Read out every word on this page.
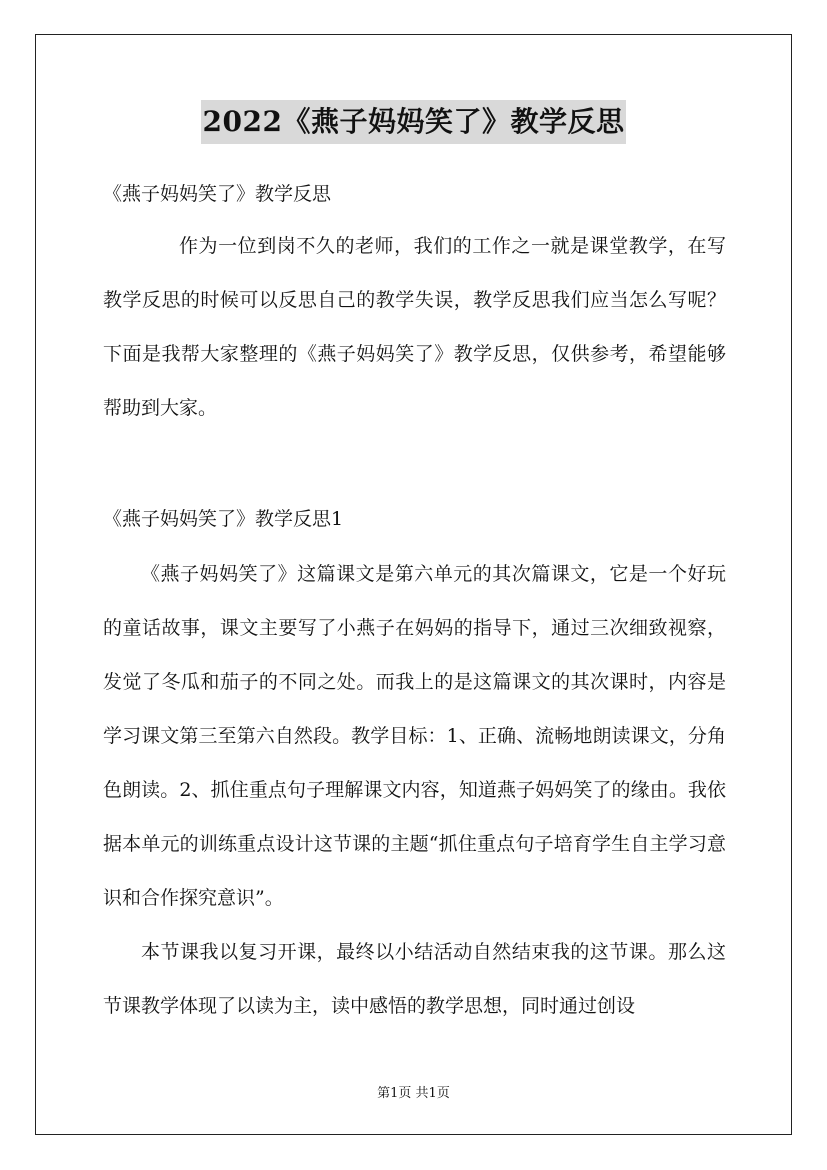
2022《燕子妈妈笑了》教学反思
《燕子妈妈笑了》教学反思
作为一位到岗不久的老师，我们的工作之一就是课堂教学，在写教学反思的时候可以反思自己的教学失误，教学反思我们应当怎么写呢？下面是我帮大家整理的《燕子妈妈笑了》教学反思，仅供参考，希望能够帮助到大家。
《燕子妈妈笑了》教学反思1
《燕子妈妈笑了》这篇课文是第六单元的其次篇课文，它是一个好玩的童话故事，课文主要写了小燕子在妈妈的指导下，通过三次细致视察，发觉了冬瓜和茄子的不同之处。而我上的是这篇课文的其次课时，内容是学习课文第三至第六自然段。教学目标：1、正确、流畅地朗读课文，分角色朗读。2、抓住重点句子理解课文内容，知道燕子妈妈笑了的缘由。我依据本单元的训练重点设计这节课的主题“抓住重点句子培育学生自主学习意识和合作探究意识”。
本节课我以复习开课，最终以小结活动自然结束我的这节课。那么这节课教学体现了以读为主，读中感悟的教学思想，同时通过创设
第1页 共1页
